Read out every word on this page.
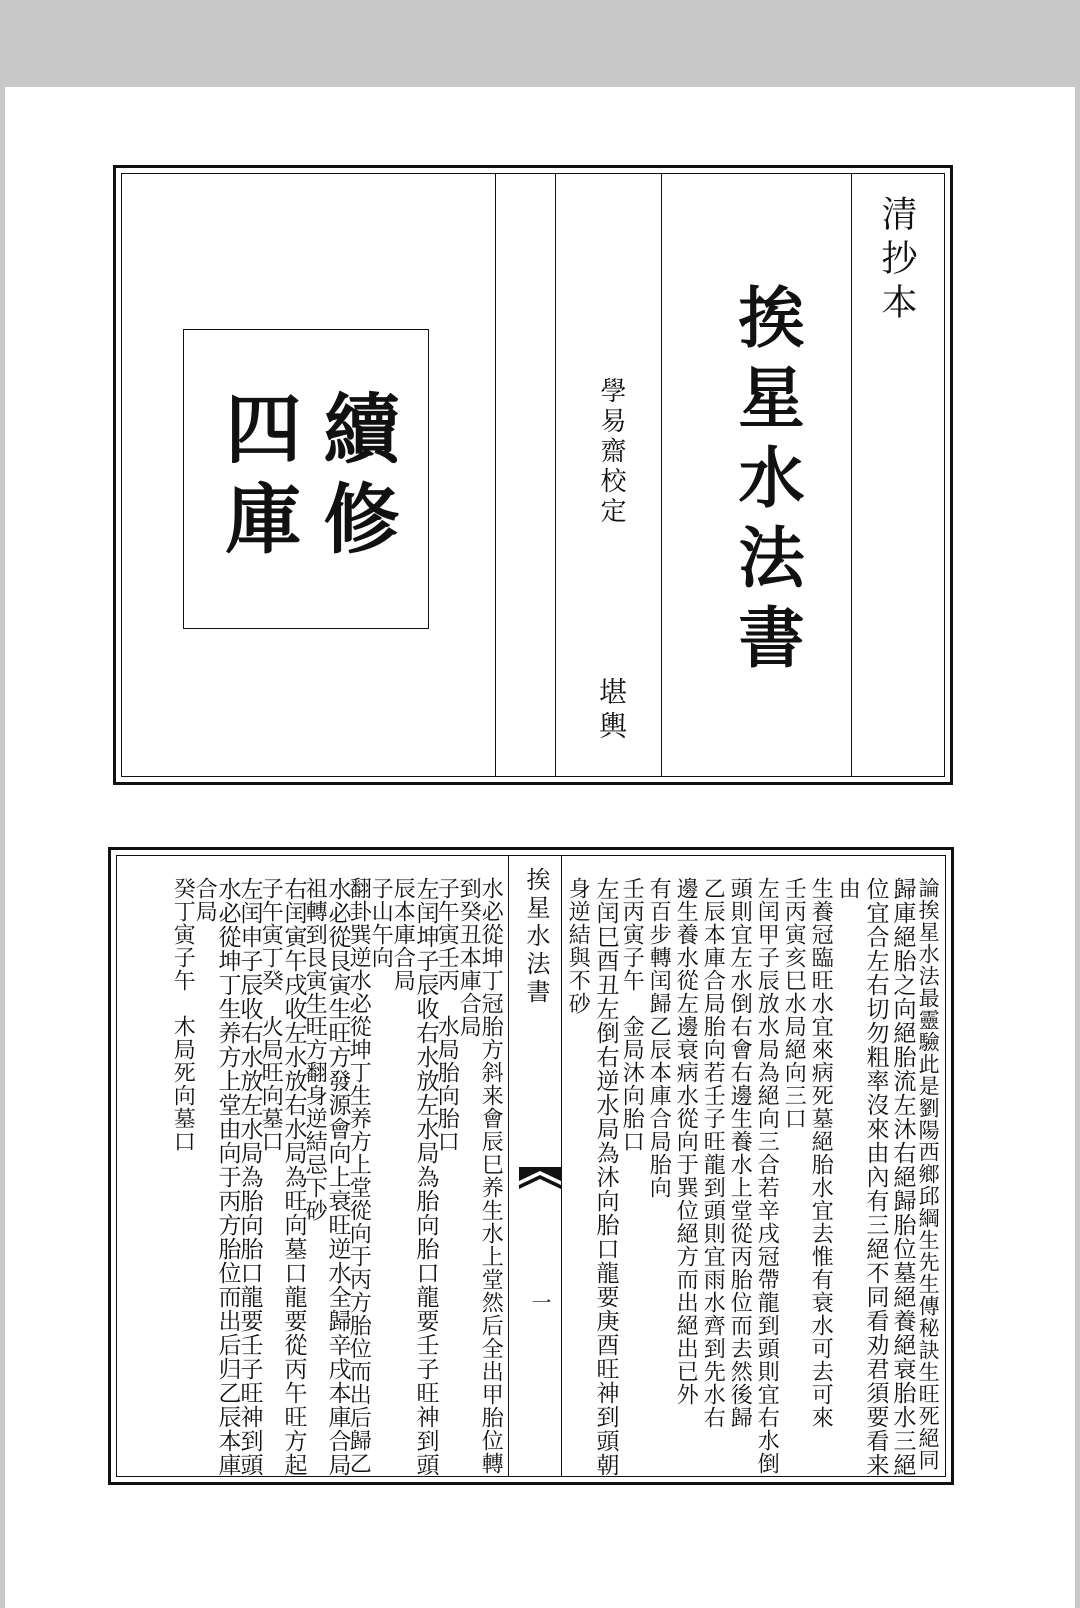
續修
四庫
清抄本
挨星水法書
學易齋校定
堪輿
挨星水法書
一	論挨星水法最靈驗此是劉陽西鄉邱綱生先生傳秘訣生旺死絕同
歸庫絕胎之向絕胎流左沐右絕歸胎位墓絕養絕衰胎水三絕
位宜合左右切勿粗率沒來由內有三絕不同看劝君須要看来
由
生養冠臨旺水宜來病死墓絕胎水宜去惟有衰水可去可來
壬丙寅亥巳水局絕向三口
左闰甲子辰放水局為絕向三合若辛戌冠帶龍到頭則宜右水倒
頭則宜左水倒右會右邊生養水上堂從丙胎位而去然後歸
乙辰本庫合局胎向若壬子旺龍到頭則宜雨水齊到先水右
邊生養水從左邊衰病水從向于巽位絕方而出絕出已外
有百步轉闰歸乙辰本庫合局胎向
壬丙寅子午　金局沐向胎口
左闰巳酉丑左倒右逆水局為沐向胎口龍要庚酉旺神到頭朝
身逆結與不砂
水必從坤丁冠胎方斜来會辰巳养生水上堂然后全出甲胎位轉
到癸丑本庫合局
子午寅壬丙　水局胎向胎口
左闰坤子辰收右水放左水局為胎向胎口龍要壬子旺神到頭
辰本庫合局
子山午向
翻卦巽逆水必從坤丁生养方上堂從向于丙方胎位而出后歸乙
水必從艮寅生旺方發源會向上衰旺逆水全歸辛戌本庫合局
祖轉到艮寅生旺方翻身逆結忌下砂
右闰寅午戌收左水放右水局為旺向墓口龍要從丙午旺方起
子午寅丁癸　火局旺向墓口
左闰申子辰收右水放左水局為胎向胎口龍要壬子旺神到頭
水必從坤丁生养方上堂由向于丙方胎位而出后归乙辰本庫
合局
癸丁寅子午　木局死向墓口
